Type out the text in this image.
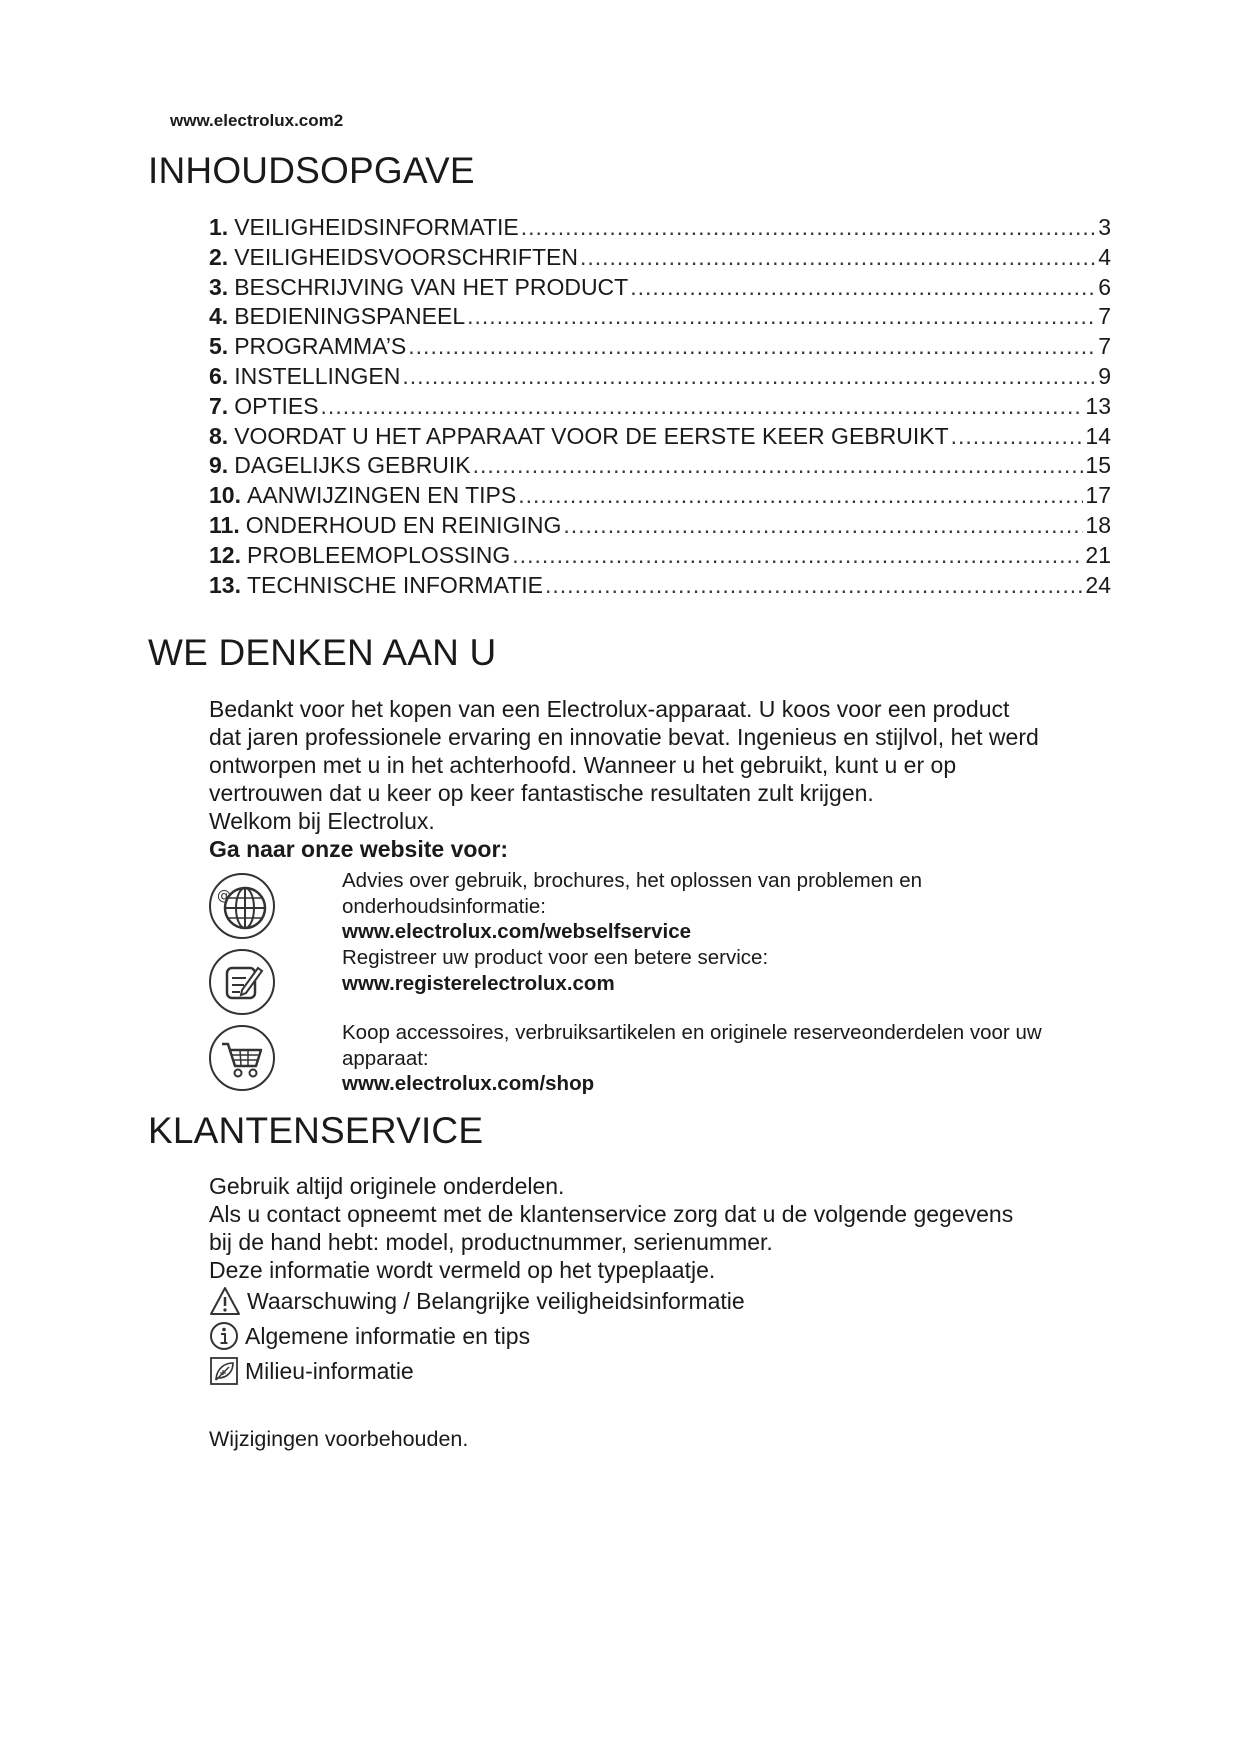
www.electrolux.com2
INHOUDSOPGAVE
1. VEILIGHEIDSINFORMATIE .....	3
2. VEILIGHEIDSVOORSCHRIFTEN .....	4
3. BESCHRIJVING VAN HET PRODUCT .....	6
4. BEDIENINGSPANEEL .....	7
5. PROGRAMMA’S .....	7
6. INSTELLINGEN .....	9
7. OPTIES .....	13
8. VOORDAT U HET APPARAAT VOOR DE EERSTE KEER GEBRUIKT .....	14
9. DAGELIJKS GEBRUIK .....	15
10. AANWIJZINGEN EN TIPS .....	17
11. ONDERHOUD EN REINIGING .....	18
12. PROBLEEMOPLOSSING .....	21
13. TECHNISCHE INFORMATIE .....	24
WE DENKEN AAN U
Bedankt voor het kopen van een Electrolux-apparaat. U koos voor een product
dat jaren professionele ervaring en innovatie bevat. Ingenieus en stijlvol, het werd
ontworpen met u in het achterhoofd. Wanneer u het gebruikt, kunt u er op
vertrouwen dat u keer op keer fantastische resultaten zult krijgen.
Welkom bij Electrolux.
Ga naar onze website voor:
@
Advies over gebruik, brochures, het oplossen van problemen en
onderhoudsinformatie:
www.electrolux.com/webselfservice
Registreer uw product voor een betere service:
www.registerelectrolux.com
Koop accessoires, verbruiksartikelen en originele reserveonderdelen voor uw
apparaat:
www.electrolux.com/shop
KLANTENSERVICE
Gebruik altijd originele onderdelen.
Als u contact opneemt met de klantenservice zorg dat u de volgende gegevens
bij de hand hebt: model, productnummer, serienummer.
Deze informatie wordt vermeld op het typeplaatje.
Waarschuwing / Belangrijke veiligheidsinformatie
Algemene informatie en tips
Milieu-informatie
Wijzigingen voorbehouden.
